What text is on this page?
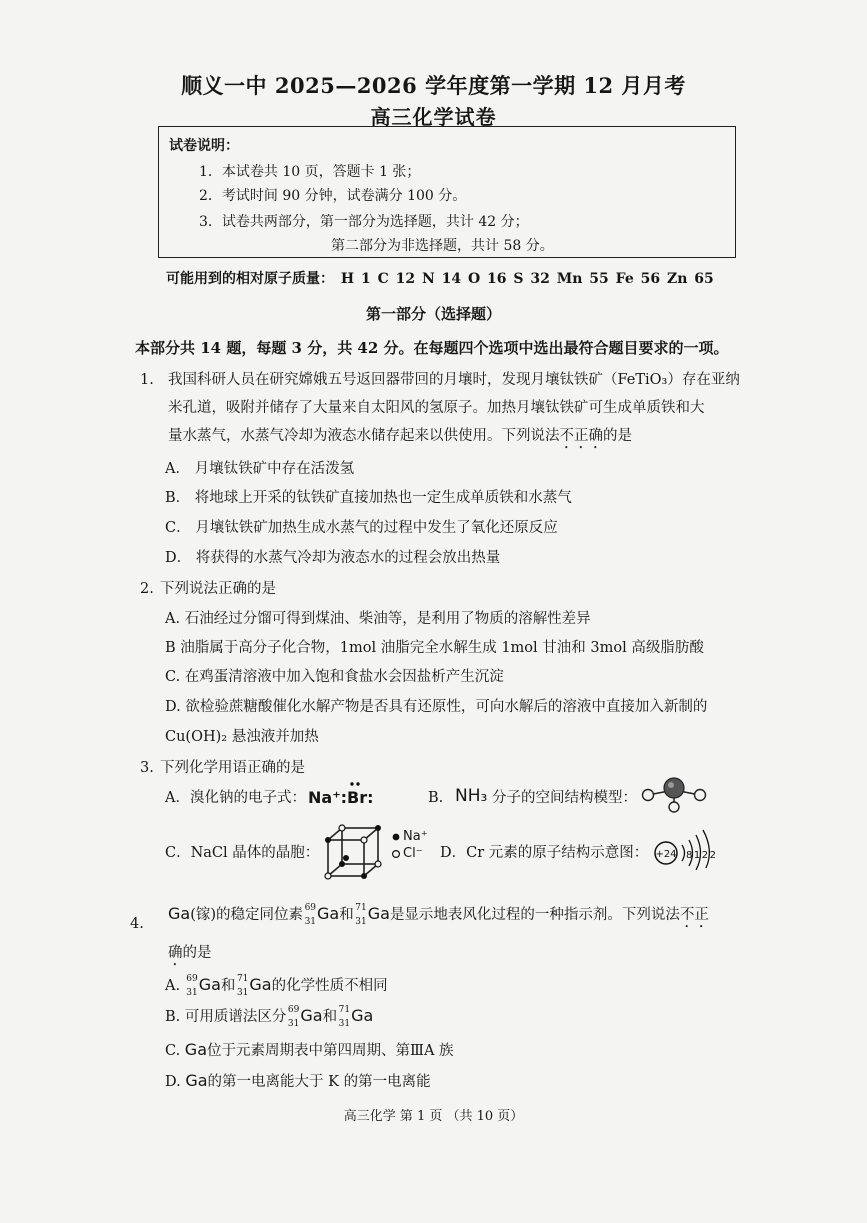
顺义一中 2025—2026 学年度第一学期 12 月月考
高三化学试卷
试卷说明：
1．本试卷共 10 页，答题卡 1 张；
2．考试时间 90 分钟，试卷满分 100 分。
3．试卷共两部分，第一部分为选择题，共计 42 分；
第二部分为非选择题，共计 58 分。
可能用到的相对原子质量： H 1 C 12 N 14 O 16 S 32 Mn 55 Fe 56 Zn 65
第一部分（选择题）
本部分共 14 题，每题 3 分，共 42 分。在每题四个选项中选出最符合题目要求的一项。
1. 我国科研人员在研究嫦娥五号返回器带回的月壤时，发现月壤钛铁矿（FeTiO₃）存在亚纳
米孔道，吸附并储存了大量来自太阳风的氢原子。加热月壤钛铁矿可生成单质铁和大
量水蒸气，水蒸气冷却为液态水储存起来以供使用。下列说法不正确的是
A． 月壤钛铁矿中存在活泼氢
B． 将地球上开采的钛铁矿直接加热也一定生成单质铁和水蒸气
C． 月壤钛铁矿加热生成水蒸气的过程中发生了氧化还原反应
D． 将获得的水蒸气冷却为液态水的过程会放出热量
2. 下列说法正确的是
A. 石油经过分馏可得到煤油、柴油等，是利用了物质的溶解性差异
B 油脂属于高分子化合物，1mol 油脂完全水解生成 1mol 甘油和 3mol 高级脂肪酸
C. 在鸡蛋清溶液中加入饱和食盐水会因盐析产生沉淀
D. 欲检验蔗糖酸催化水解产物是否具有还原性，可向水解后的溶液中直接加入新制的
Cu(OH)₂ 悬浊液并加热
3. 下列化学用语正确的是
A．溴化钠的电子式： Na⁺:Br:	B. NH₃ 分子的空间结构模型：
C．NaCl 晶体的晶胞：
Na⁺
Cl⁻ D．Cr 元素的原子结构示意图： +24 8122
4.
Ga(镓)的稳定同位素 69
31 Ga和 71
31 Ga是显示地表风化过程的一种指示剂。下列说法不正
确的是
A. 69
31 Ga和 71
31 Ga的化学性质不相同
B. 可用质谱法区分 69
31 Ga和 71
31 Ga
C. Ga位于元素周期表中第四周期、第ⅢA 族
D. Ga的第一电离能大于 K 的第一电离能
高三化学 第 1 页 （共 10 页）
